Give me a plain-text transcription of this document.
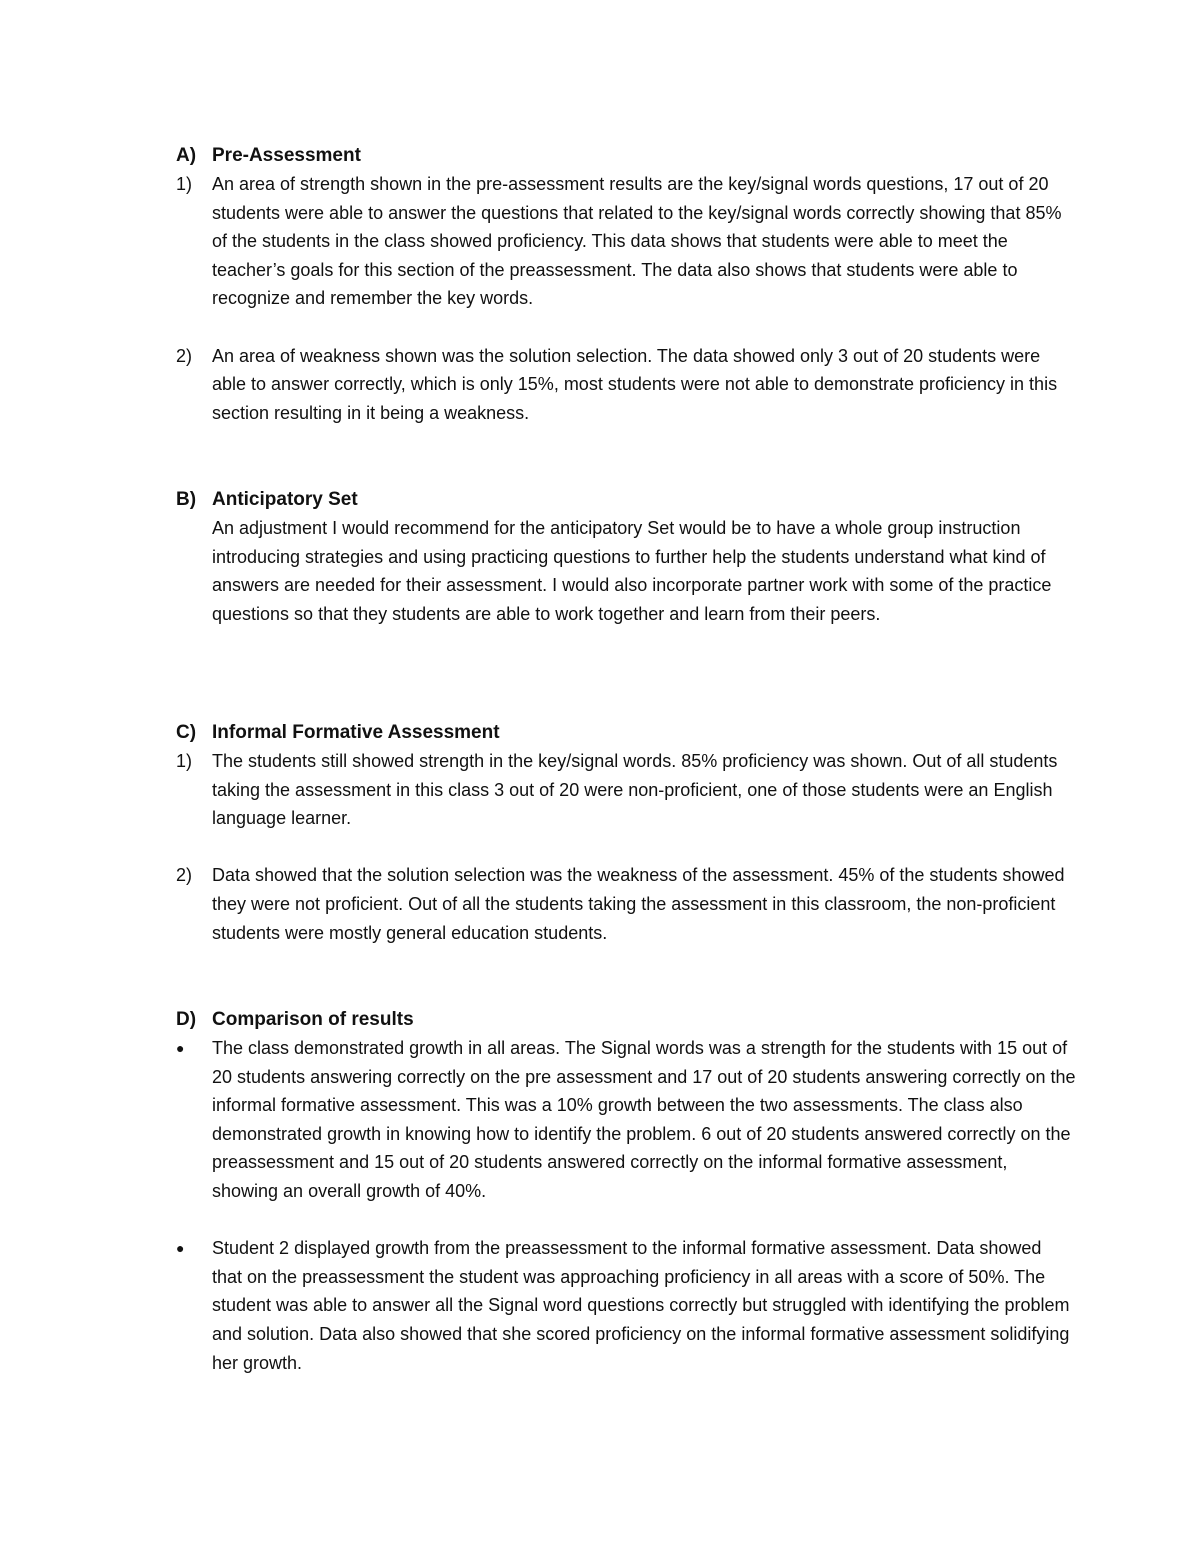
A) Pre-Assessment
1)	An area of strength shown in the pre-assessment results are the key/signal words questions, 17 out of 20 students were able to answer the questions that related to the key/signal words correctly showing that 85% of the students in the class showed proficiency. This data shows that students were able to meet the teacher’s goals for this section of the preassessment. The data also shows that students were able to recognize and remember the key words.
2)	An area of weakness shown was the solution selection. The data showed only 3 out of 20 students were able to answer correctly, which is only 15%, most students were not able to demonstrate proficiency in this section resulting in it being a weakness.
B) Anticipatory Set
An adjustment I would recommend for the anticipatory Set would be to have a whole group instruction introducing strategies and using practicing questions to further help the students understand what kind of answers are needed for their assessment. I would also incorporate partner work with some of the practice questions so that they students are able to work together and learn from their peers.
C) Informal Formative Assessment
1)	The students still showed strength in the key/signal words. 85% proficiency was shown. Out of all students taking the assessment in this class 3 out of 20 were non-proficient, one of those students were an English language learner.
2)	Data showed that the solution selection was the weakness of the assessment. 45% of the students showed they were not proficient. Out of all the students taking the assessment in this classroom, the non-proficient students were mostly general education students.
D) Comparison of results
●	The class demonstrated growth in all areas. The Signal words was a strength for the students with 15 out of 20 students answering correctly on the pre assessment and 17 out of 20 students answering correctly on the informal formative assessment. This was a 10% growth between the two assessments. The class also demonstrated growth in knowing how to identify the problem. 6 out of 20 students answered correctly on the preassessment and 15 out of 20 students answered correctly on the informal formative assessment, showing an overall growth of 40%.
●	Student 2 displayed growth from the preassessment to the informal formative assessment. Data showed that on the preassessment the student was approaching proficiency in all areas with a score of 50%. The student was able to answer all the Signal word questions correctly but struggled with identifying the problem and solution. Data also showed that she scored proficiency on the informal formative assessment solidifying her growth.
